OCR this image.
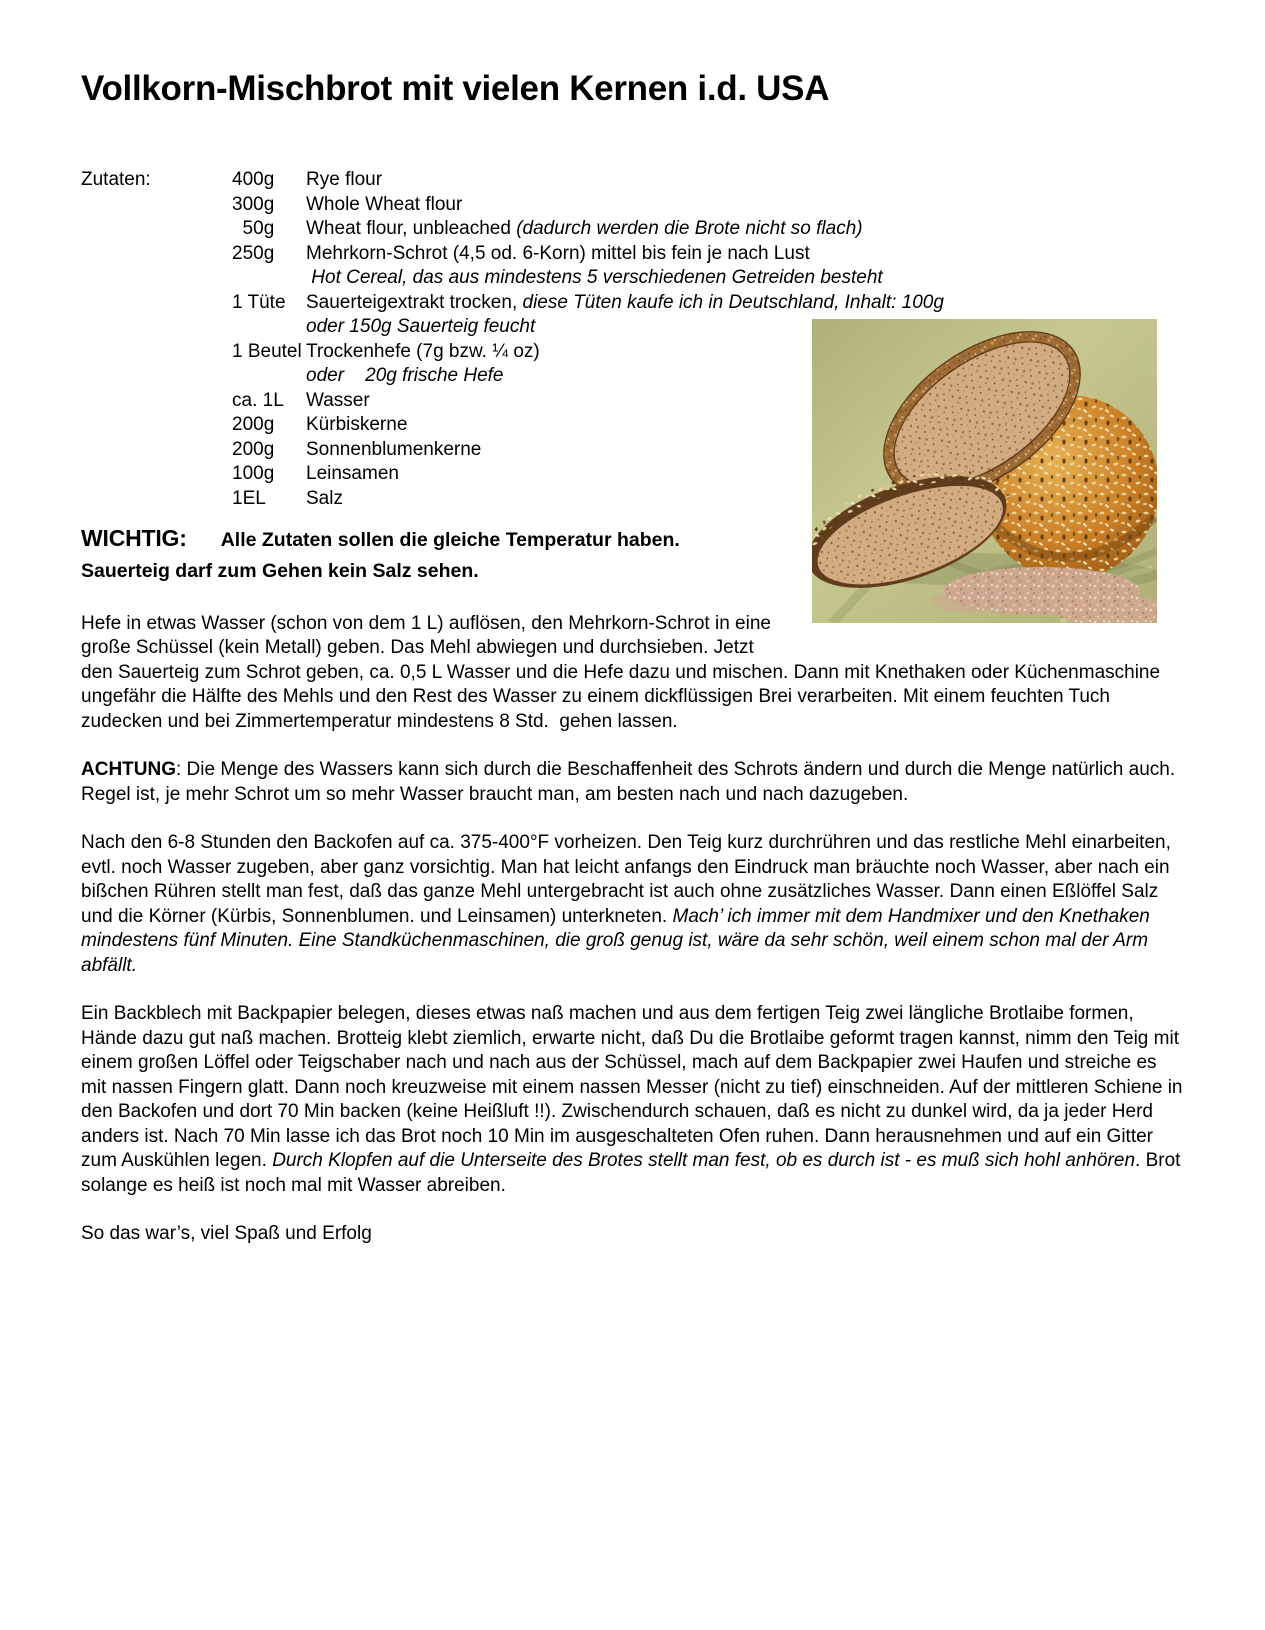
Vollkorn-Mischbrot mit vielen Kernen i.d. USA
Zutaten:	400g	Rye flour
300g	Whole Wheat flour
50g	Wheat flour, unbleached (dadurch werden die Brote nicht so flach)
250g	Mehrkorn-Schrot (4,5 od. 6-Korn) mittel bis fein je nach Lust
Hot Cereal, das aus mindestens 5 verschiedenen Getreiden besteht
1 Tüte	Sauerteigextrakt trocken, diese Tüten kaufe ich in Deutschland, Inhalt: 100g
oder 150g Sauerteig feucht
1 Beutel Trockenhefe (7g bzw. ¼ oz)
oder    20g frische Hefe
ca. 1L	Wasser
200g	Kürbiskerne
200g	Sonnenblumenkerne
100g	Leinsamen
1EL	Salz

WICHTIG: Alle Zutaten sollen die gleiche Temperatur haben.

Sauerteig darf zum Gehen kein Salz sehen.

Hefe in etwas Wasser (schon von dem 1 L) auflösen, den Mehrkorn-Schrot in eine große Schüssel (kein Metall) geben. Das Mehl abwiegen und durchsieben. Jetzt den Sauerteig zum Schrot geben, ca. 0,5 L Wasser und die Hefe dazu und mischen. Dann mit Knethaken oder Küchenmaschine ungefähr die Hälfte des Mehls und den Rest des Wasser zu einem dickflüssigen Brei verarbeiten. Mit einem feuchten Tuch zudecken und bei Zimmertemperatur mindestens 8 Std.  gehen lassen.

ACHTUNG: Die Menge des Wassers kann sich durch die Beschaffenheit des Schrots ändern und durch die Menge natürlich auch. Regel ist, je mehr Schrot um so mehr Wasser braucht man, am besten nach und nach dazugeben.

Nach den 6-8 Stunden den Backofen auf ca. 375-400°F vorheizen. Den Teig kurz durchrühren und das restliche Mehl einarbeiten, evtl. noch Wasser zugeben, aber ganz vorsichtig. Man hat leicht anfangs den Eindruck man bräuchte noch Wasser, aber nach ein bißchen Rühren stellt man fest, daß das ganze Mehl untergebracht ist auch ohne zusätzliches Wasser. Dann einen Eßlöffel Salz und die Körner (Kürbis, Sonnenblumen. und Leinsamen) unterkneten. Mach’ ich immer mit dem Handmixer und den Knethaken mindestens fünf Minuten. Eine Standküchenmaschinen, die groß genug ist, wäre da sehr schön, weil einem schon mal der Arm abfällt.

Ein Backblech mit Backpapier belegen, dieses etwas naß machen und aus dem fertigen Teig zwei längliche Brotlaibe formen, Hände dazu gut naß machen. Brotteig klebt ziemlich, erwarte nicht, daß Du die Brotlaibe geformt tragen kannst, nimm den Teig mit einem großen Löffel oder Teigschaber nach und nach aus der Schüssel, mach auf dem Backpapier zwei Haufen und streiche es mit nassen Fingern glatt. Dann noch kreuzweise mit einem nassen Messer (nicht zu tief) einschneiden. Auf der mittleren Schiene in den Backofen und dort 70 Min backen (keine Heißluft !!). Zwischendurch schauen, daß es nicht zu dunkel wird, da ja jeder Herd anders ist. Nach 70 Min lasse ich das Brot noch 10 Min im ausgeschalteten Ofen ruhen. Dann herausnehmen und auf ein Gitter zum Auskühlen legen. Durch Klopfen auf die Unterseite des Brotes stellt man fest, ob es durch ist - es muß sich hohl anhören. Brot solange es heiß ist noch mal mit Wasser abreiben.

So das war’s, viel Spaß und Erfolg
